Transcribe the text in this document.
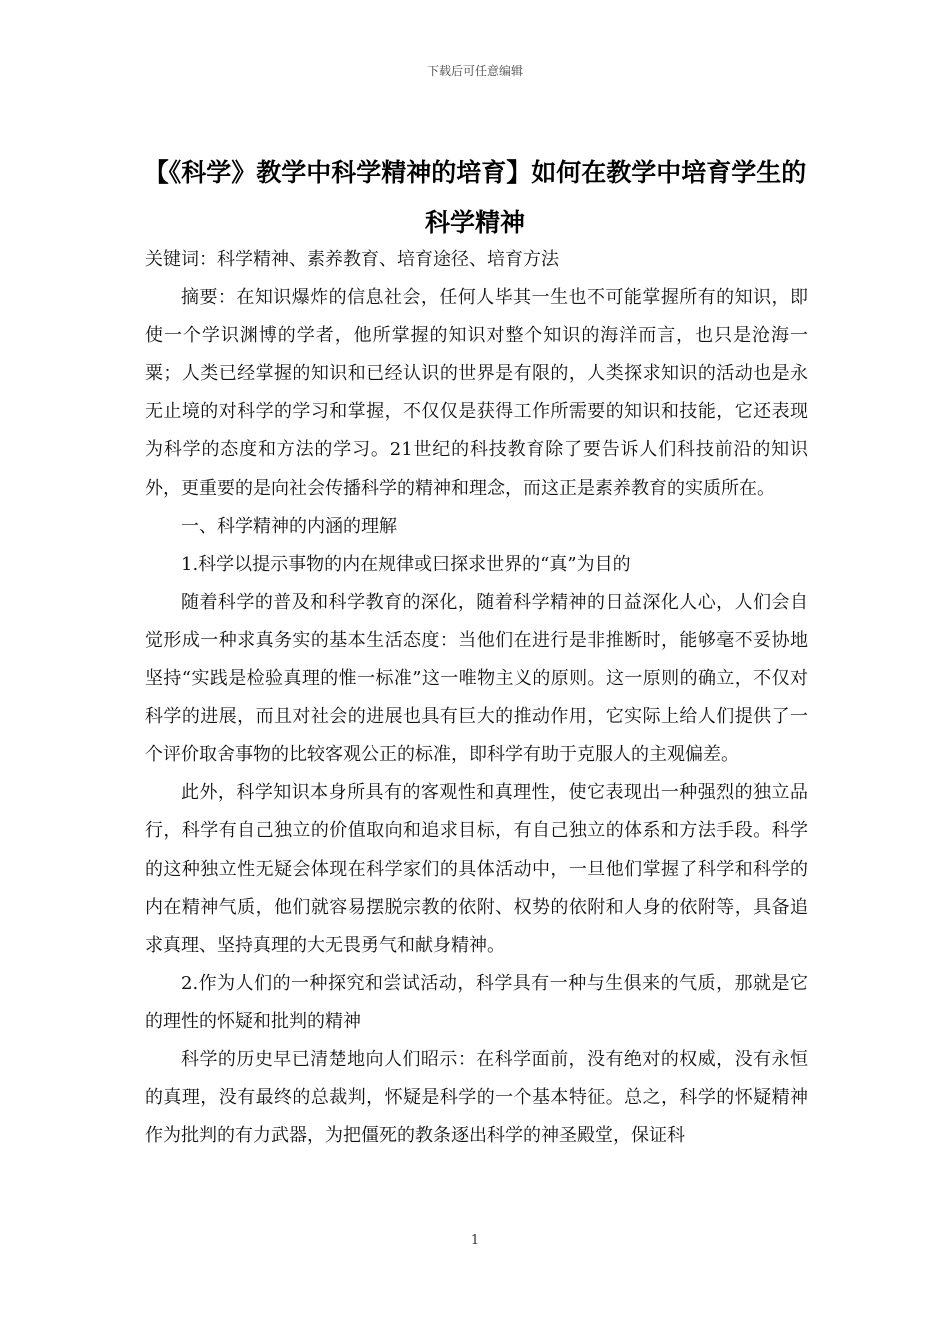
下载后可任意编辑
【《科学》教学中科学精神的培育】如何在教学中培育学生的科学精神

关键词：科学精神、素养教育、培育途径、培育方法

摘要：在知识爆炸的信息社会，任何人毕其一生也不可能掌握所有的知识，即使一个学识渊博的学者，他所掌握的知识对整个知识的海洋而言，也只是沧海一粟；人类已经掌握的知识和已经认识的世界是有限的，人类探求知识的活动也是永无止境的对科学的学习和掌握，不仅仅是获得工作所需要的知识和技能，它还表现为科学的态度和方法的学习。21世纪的科技教育除了要告诉人们科技前沿的知识外，更重要的是向社会传播科学的精神和理念，而这正是素养教育的实质所在。

一、科学精神的内涵的理解

1.科学以提示事物的内在规律或曰探求世界的“真”为目的

随着科学的普及和科学教育的深化，随着科学精神的日益深化人心，人们会自觉形成一种求真务实的基本生活态度：当他们在进行是非推断时，能够毫不妥协地坚持“实践是检验真理的惟一标准”这一唯物主义的原则。这一原则的确立，不仅对科学的进展，而且对社会的进展也具有巨大的推动作用，它实际上给人们提供了一个评价取舍事物的比较客观公正的标准，即科学有助于克服人的主观偏差。

此外，科学知识本身所具有的客观性和真理性，使它表现出一种强烈的独立品行，科学有自己独立的价值取向和追求目标，有自己独立的体系和方法手段。科学的这种独立性无疑会体现在科学家们的具体活动中，一旦他们掌握了科学和科学的内在精神气质，他们就容易摆脱宗教的依附、权势的依附和人身的依附等，具备追求真理、坚持真理的大无畏勇气和献身精神。

2.作为人们的一种探究和尝试活动，科学具有一种与生俱来的气质，那就是它的理性的怀疑和批判的精神

科学的历史早已清楚地向人们昭示：在科学面前，没有绝对的权威，没有永恒的真理，没有最终的总裁判，怀疑是科学的一个基本特征。总之，科学的怀疑精神作为批判的有力武器，为把僵死的教条逐出科学的神圣殿堂，保证科

1
